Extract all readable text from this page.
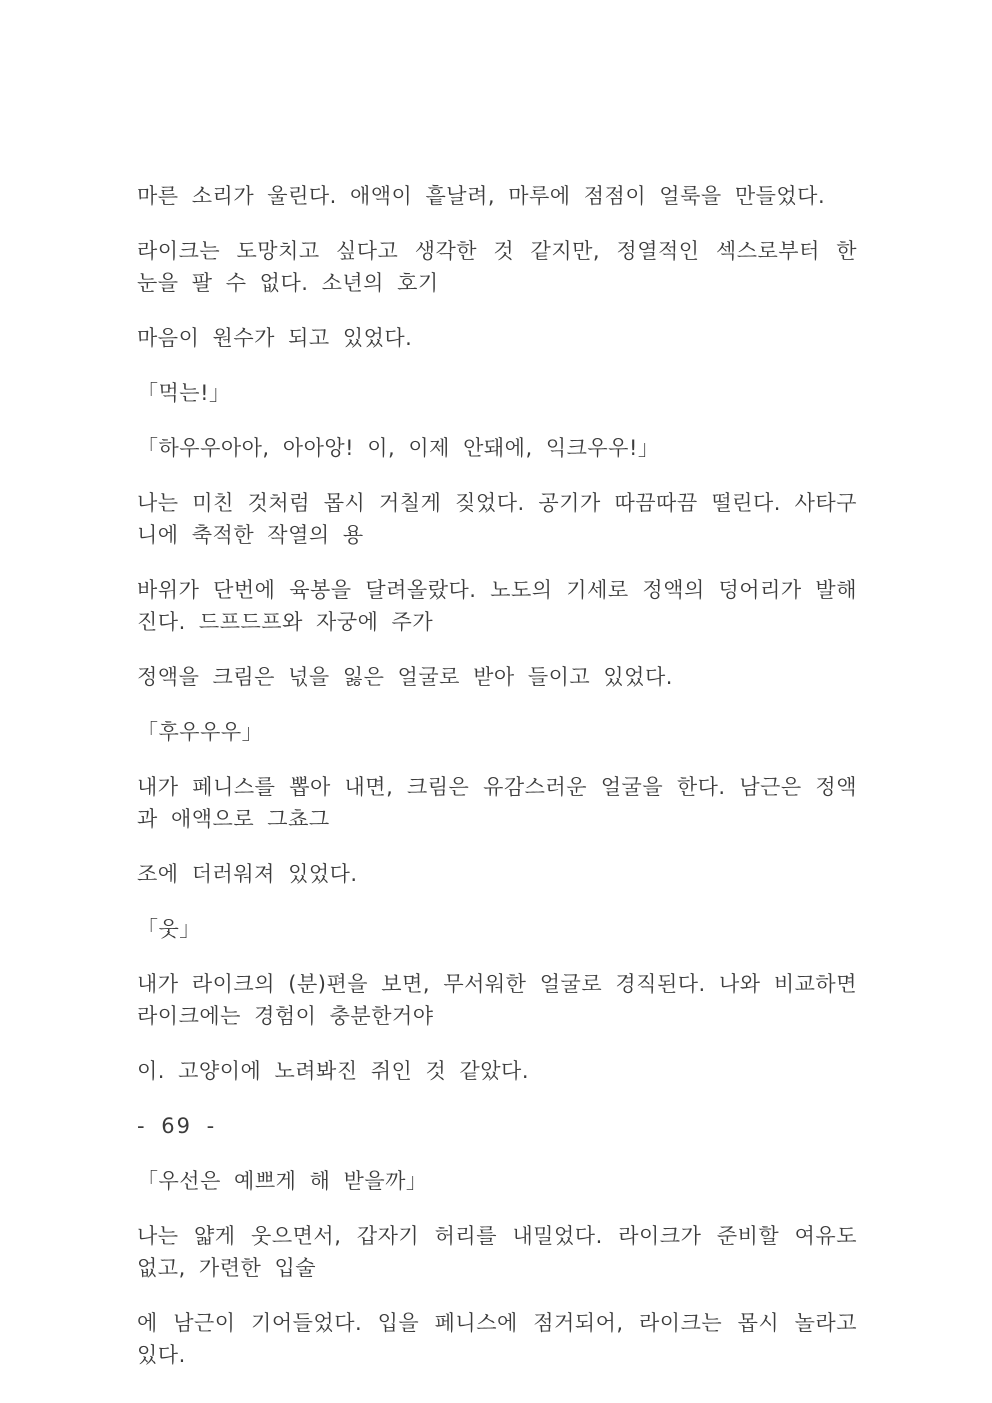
마른 소리가 울린다. 애액이 흩날려, 마루에 점점이 얼룩을 만들었다.

라이크는 도망치고 싶다고 생각한 것 같지만, 정열적인 섹스로부터 한 눈을 팔 수 없다. 소년의 호기

마음이 원수가 되고 있었다.

「먹는!」

「하우우아아, 아아앙! 이, 이제 안돼에, 익크우우!」

나는 미친 것처럼 몹시 거칠게 짖었다. 공기가 따끔따끔 떨린다. 사타구니에 축적한 작열의 용

바위가 단번에 육봉을 달려올랐다. 노도의 기세로 정액의 덩어리가 발해진다. 드프드프와 자궁에 주가

정액을 크림은 넋을 잃은 얼굴로 받아 들이고 있었다.

「후우우우」

내가 페니스를 뽑아 내면, 크림은 유감스러운 얼굴을 한다. 남근은 정액과 애액으로 그쵸그

조에 더러워져 있었다.

「웃」

내가 라이크의 (분)편을 보면, 무서워한 얼굴로 경직된다. 나와 비교하면 라이크에는 경험이 충분한거야

이. 고양이에 노려봐진 쥐인 것 같았다.

- 69 -

「우선은 예쁘게 해 받을까」

나는 얇게 웃으면서, 갑자기 허리를 내밀었다. 라이크가 준비할 여유도 없고, 가련한 입술

에 남근이 기어들었다. 입을 페니스에 점거되어, 라이크는 몹시 놀라고 있다.
